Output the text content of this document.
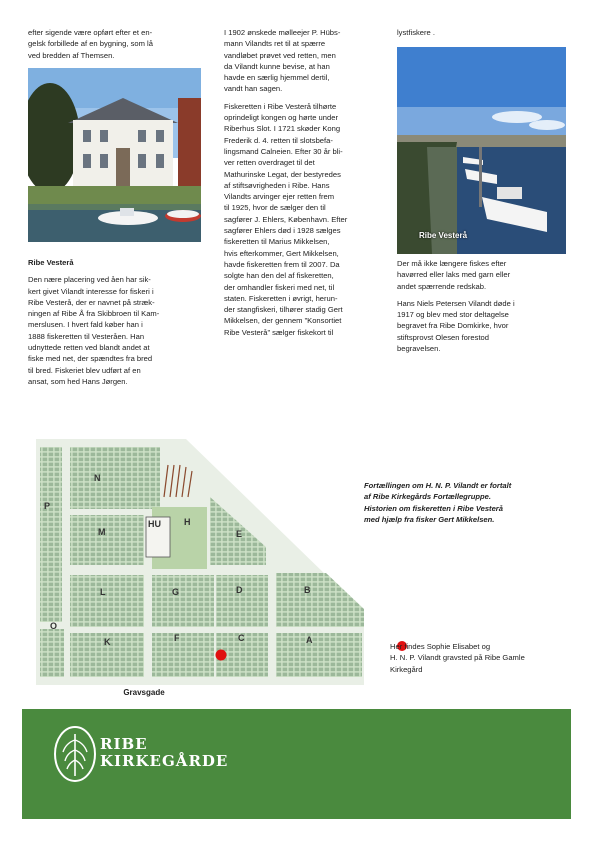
efter sigende være opført efter et en-
gelsk forbillede af en bygning, som lå
ved bredden af Themsen.

Ribe Vesterå

Den nære placering ved åen har sik-
kert givet Vilandt interesse for fiskeri i
Ribe Vesterå, der er navnet på stræk-
ningen af Ribe Å fra Skibbroen til Kam-
merslusen. I hvert fald køber han i
1888 fiskeretten til Vesteråen. Han
udnyttede retten ved blandt andet at
fiske med net, der spændtes fra bred
til bred. Fiskeriet blev udført af en
ansat, som hed Hans Jørgen.

I 1902 ønskede mølleejer P. Hübs-
mann Vilandts ret til at spærre
vandløbet prøvet ved retten, men
da Vilandt kunne bevise, at han
havde en særlig hjemmel dertil,
vandt han sagen.

Fiskeretten i Ribe Vesterå tilhørte
oprindeligt kongen og hørte under
Riberhus Slot. I 1721 skøder Kong
Frederik d. 4. retten til slotsbefa-
lingsmand Calneien. Efter 30 år bli-
ver retten overdraget til det
Mathurinske Legat, der bestyredes
af stiftsøvrigheden i Ribe. Hans
Vilandts arvinger ejer retten frem
til 1925, hvor de sælger den til
sagfører J. Ehlers, København. Efter
sagfører Ehlers død i 1928 sælges
fiskeretten til Marius Mikkelsen,
hvis efterkommer, Gert Mikkelsen,
havde fiskeretten frem til 2007. Da
solgte han den del af fiskeretten,
der omhandler fiskeri med net, til
staten. Fiskeretten i øvrigt, herun-
der stangfiskeri, tilhører stadig Gert
Mikkelsen, der gennem ”Konsortiet
Ribe Vesterå” sælger fiskekort til

lystfiskere .

Ribe Vesterå

Der må ikke længere fiskes efter
havørred eller laks med garn eller
andet spærrende redskab.

Hans Niels Petersen Vilandt døde i
1917 og blev med stor deltagelse
begravet fra Ribe Domkirke, hvor
stiftsprovst Olesen forestod
begravelsen.

N
P
M
HU	H
E
L	G	D	B
O
K	F	C	A
Gravsgade
Fortællingen om H. N. P. Vilandt er fortalt
af Ribe Kirkegårds Fortællegruppe.
Historien om fiskeretten i Ribe Vesterå
med hjælp fra fisker Gert Mikkelsen.
Her findes Sophie Elisabet og
H. N. P. Vilandt gravsted på Ribe Gamle
Kirkegård
RIBE
KIRKEGÅRDE
